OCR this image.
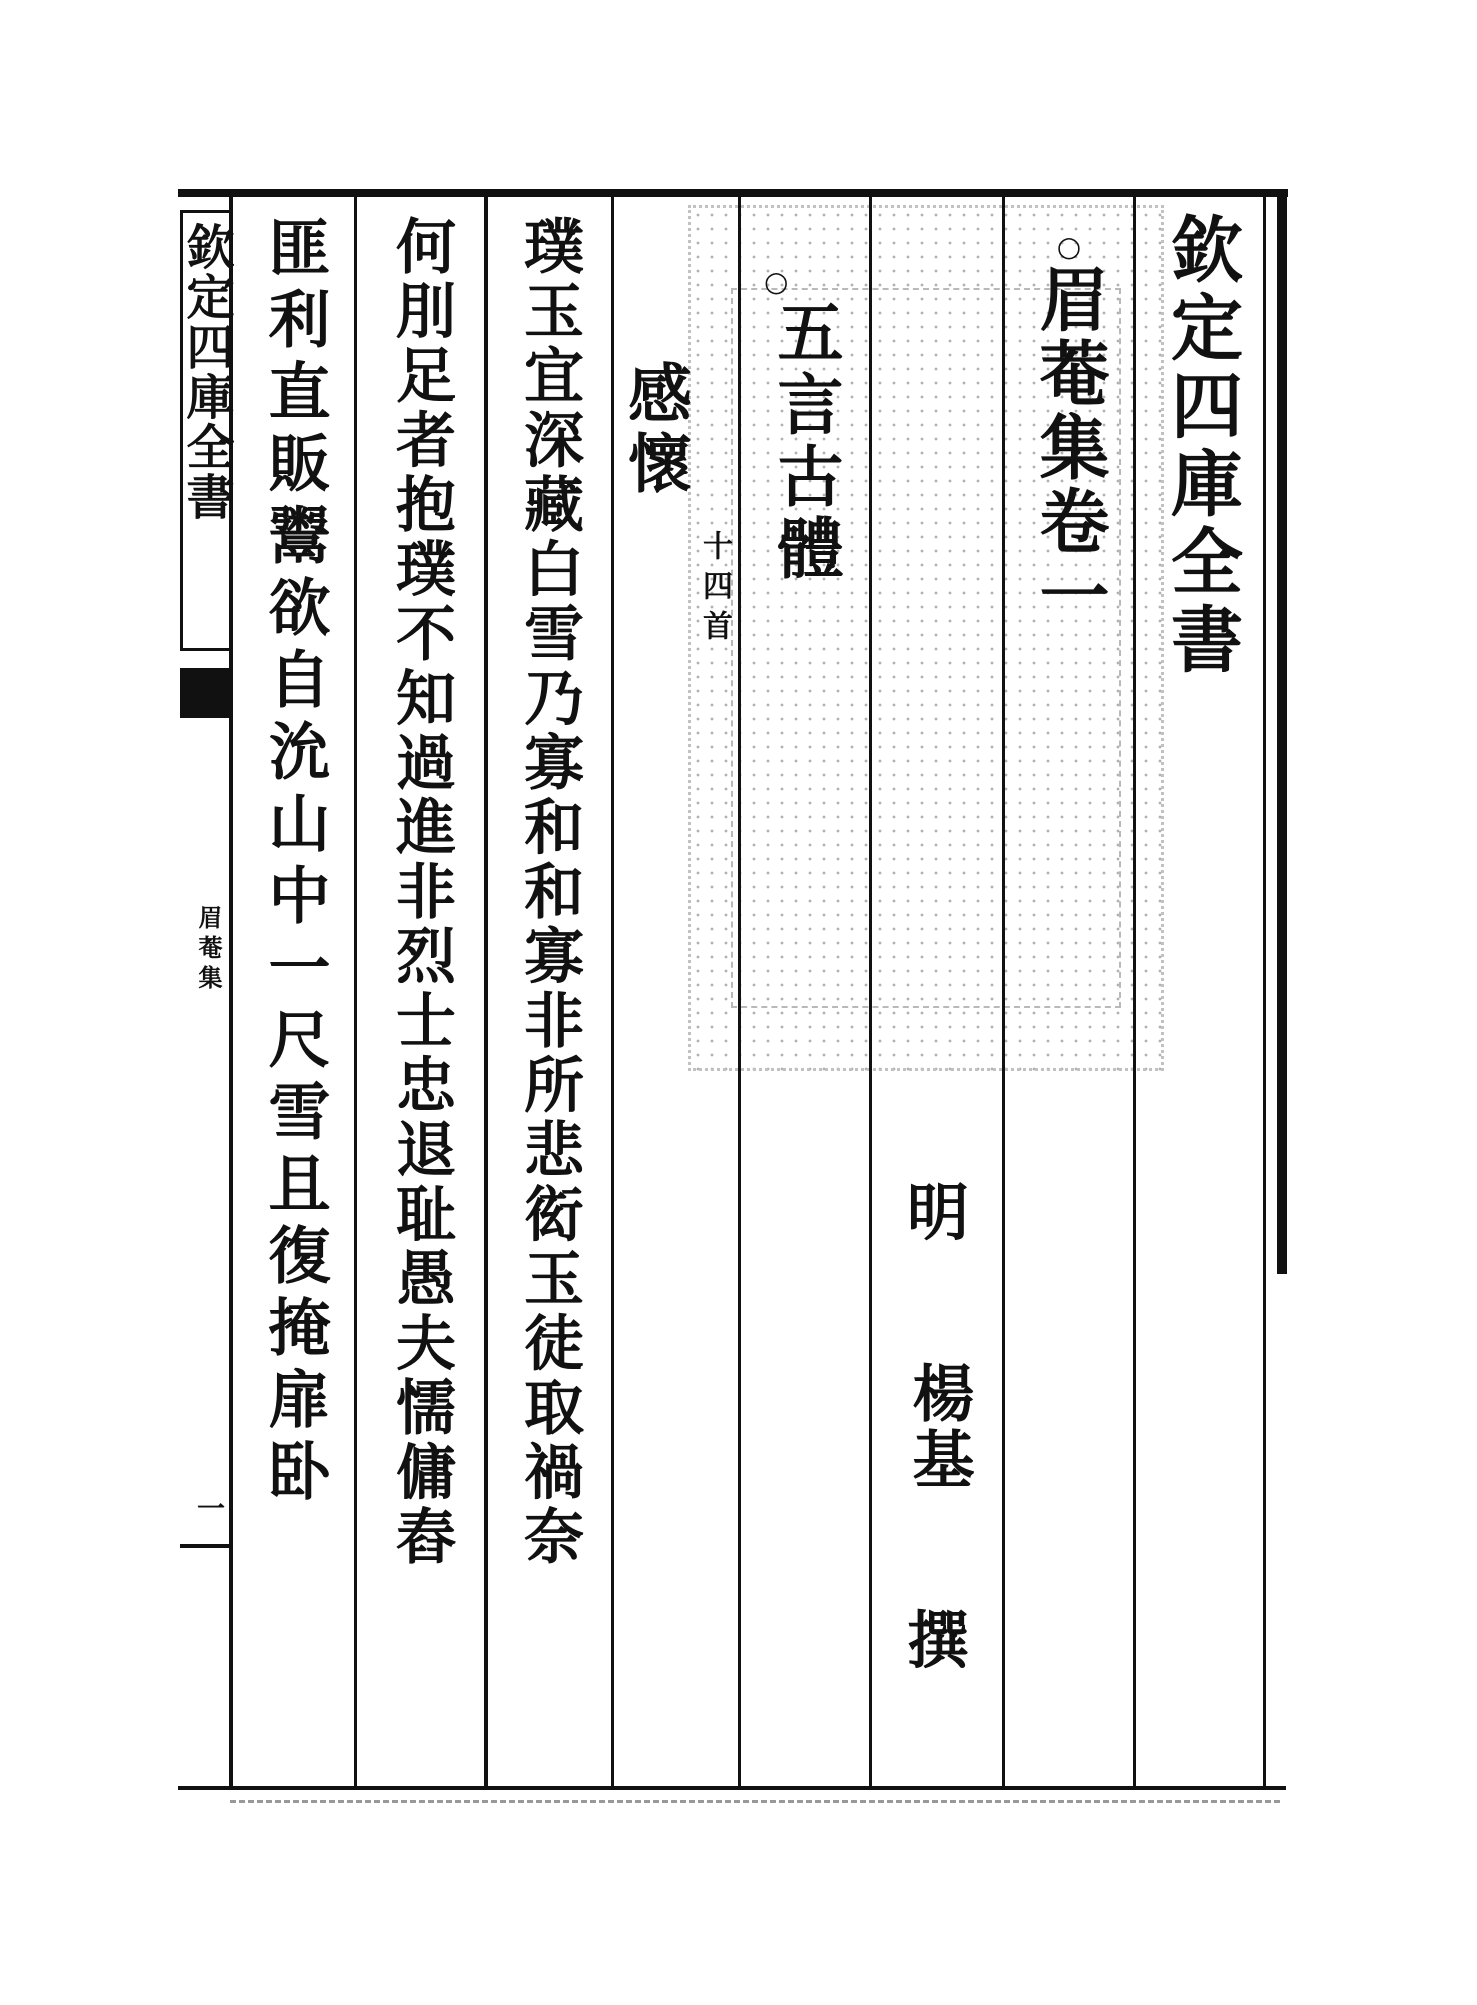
欽定四庫全書
眉菴集
一
欽定四庫全書
○
眉菴集卷一
明
楊基
撰
○
五言古體
感懷
十四首
璞玉宜深藏白雪乃寡和和寡非所悲衒玉徒取禍奈
何刖足者抱璞不知過進非烈士忠退耻愚夫懦傭舂
匪利直販鬻欲自沇山中一尺雪且復掩扉卧
